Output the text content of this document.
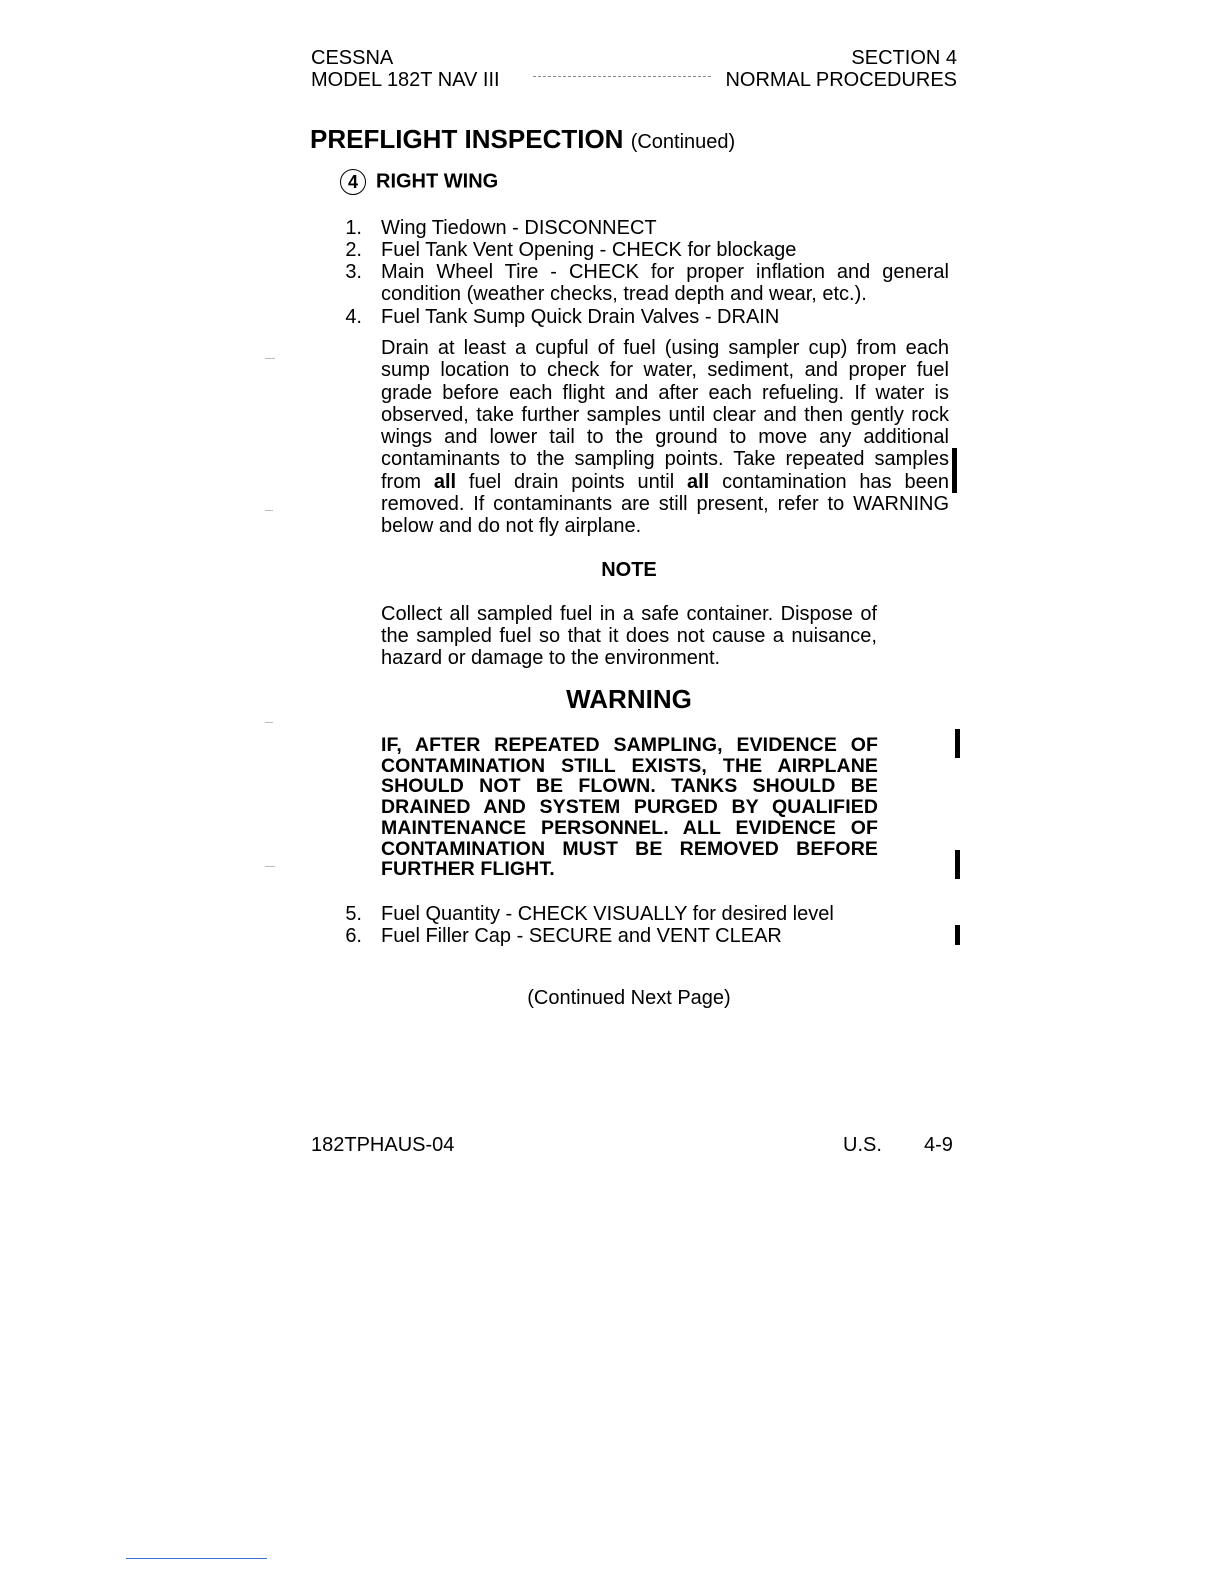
CESSNA
MODEL 182T NAV III
SECTION 4
NORMAL PROCEDURES
PREFLIGHT INSPECTION (Continued)
4 RIGHT WING
1. Wing Tiedown - DISCONNECT
2. Fuel Tank Vent Opening - CHECK for blockage
3. Main Wheel Tire - CHECK for proper inflation and general condition (weather checks, tread depth and wear, etc.).
4. Fuel Tank Sump Quick Drain Valves - DRAIN
Drain at least a cupful of fuel (using sampler cup) from each sump location to check for water, sediment, and proper fuel grade before each flight and after each refueling. If water is observed, take further samples until clear and then gently rock wings and lower tail to the ground to move any additional contaminants to the sampling points. Take repeated samples from all fuel drain points until all contamination has been removed. If contaminants are still present, refer to WARNING below and do not fly airplane.
NOTE
Collect all sampled fuel in a safe container. Dispose of the sampled fuel so that it does not cause a nuisance, hazard or damage to the environment.
WARNING
IF, AFTER REPEATED SAMPLING, EVIDENCE OF CONTAMINATION STILL EXISTS, THE AIRPLANE SHOULD NOT BE FLOWN. TANKS SHOULD BE DRAINED AND SYSTEM PURGED BY QUALIFIED MAINTENANCE PERSONNEL. ALL EVIDENCE OF CONTAMINATION MUST BE REMOVED BEFORE FURTHER FLIGHT.
5. Fuel Quantity - CHECK VISUALLY for desired level
6. Fuel Filler Cap - SECURE and VENT CLEAR
(Continued Next Page)
182TPHAUS-04	U.S. 4-9
